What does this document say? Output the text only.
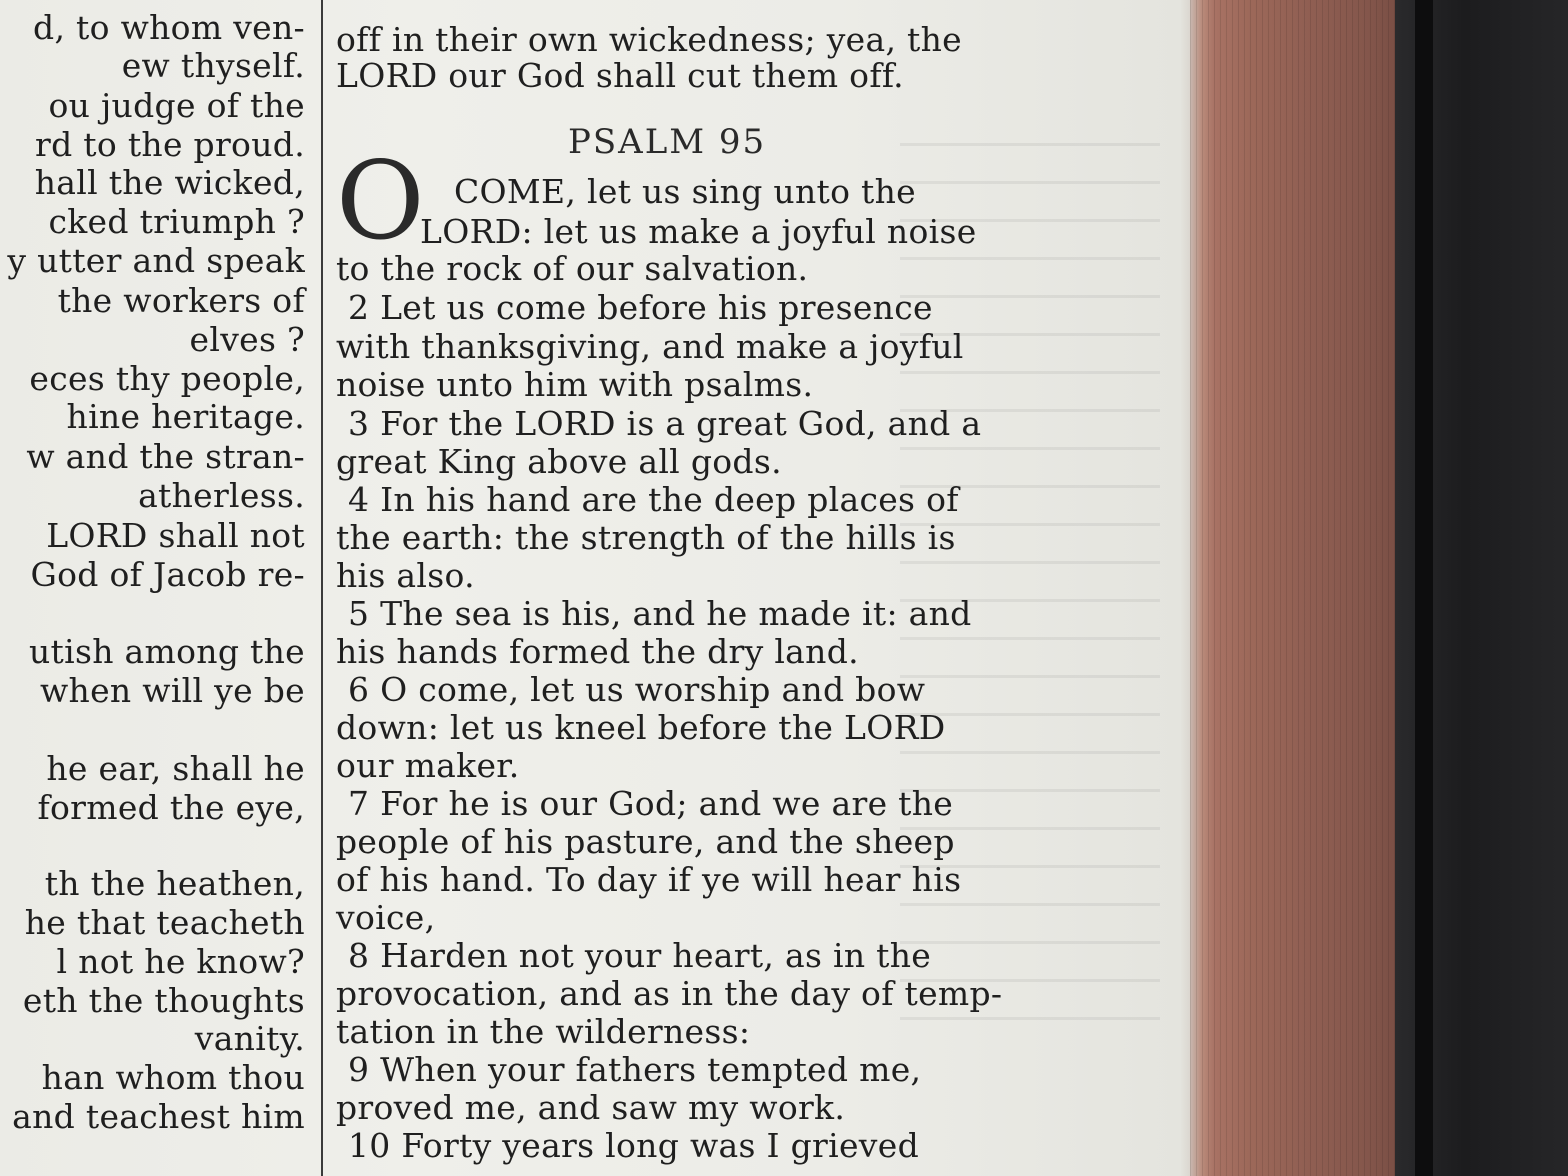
d, to whom ven-
ew thyself.
ou judge of the
rd to the proud.
hall the wicked,
cked triumph ?
y utter and speak
the workers of
elves ?
eces thy people,
hine heritage.
w and the stran-
atherless.
LORD shall not
God of Jacob re-
utish among the
when will ye be
he ear, shall he
formed the eye,
th the heathen,
he that teacheth
l not he know?
eth the thoughts
vanity.
han whom thou
and teachest him
off in their own wickedness; yea, the
LORD our God shall cut them off.
PSALM 95
O COME, let us sing unto the
LORD: let us make a joyful noise
to the rock of our salvation.
2 Let us come before his presence
with thanksgiving, and make a joyful
noise unto him with psalms.
3 For the LORD is a great God, and a
great King above all gods.
4 In his hand are the deep places of
the earth: the strength of the hills is
his also.
5 The sea is his, and he made it: and
his hands formed the dry land.
6 O come, let us worship and bow
down: let us kneel before the LORD
our maker.
7 For he is our God; and we are the
people of his pasture, and the sheep
of his hand. To day if ye will hear his
voice,
8 Harden not your heart, as in the
provocation, and as in the day of temp-
tation in the wilderness:
9 When your fathers tempted me,
proved me, and saw my work.
10 Forty years long was I grieved
